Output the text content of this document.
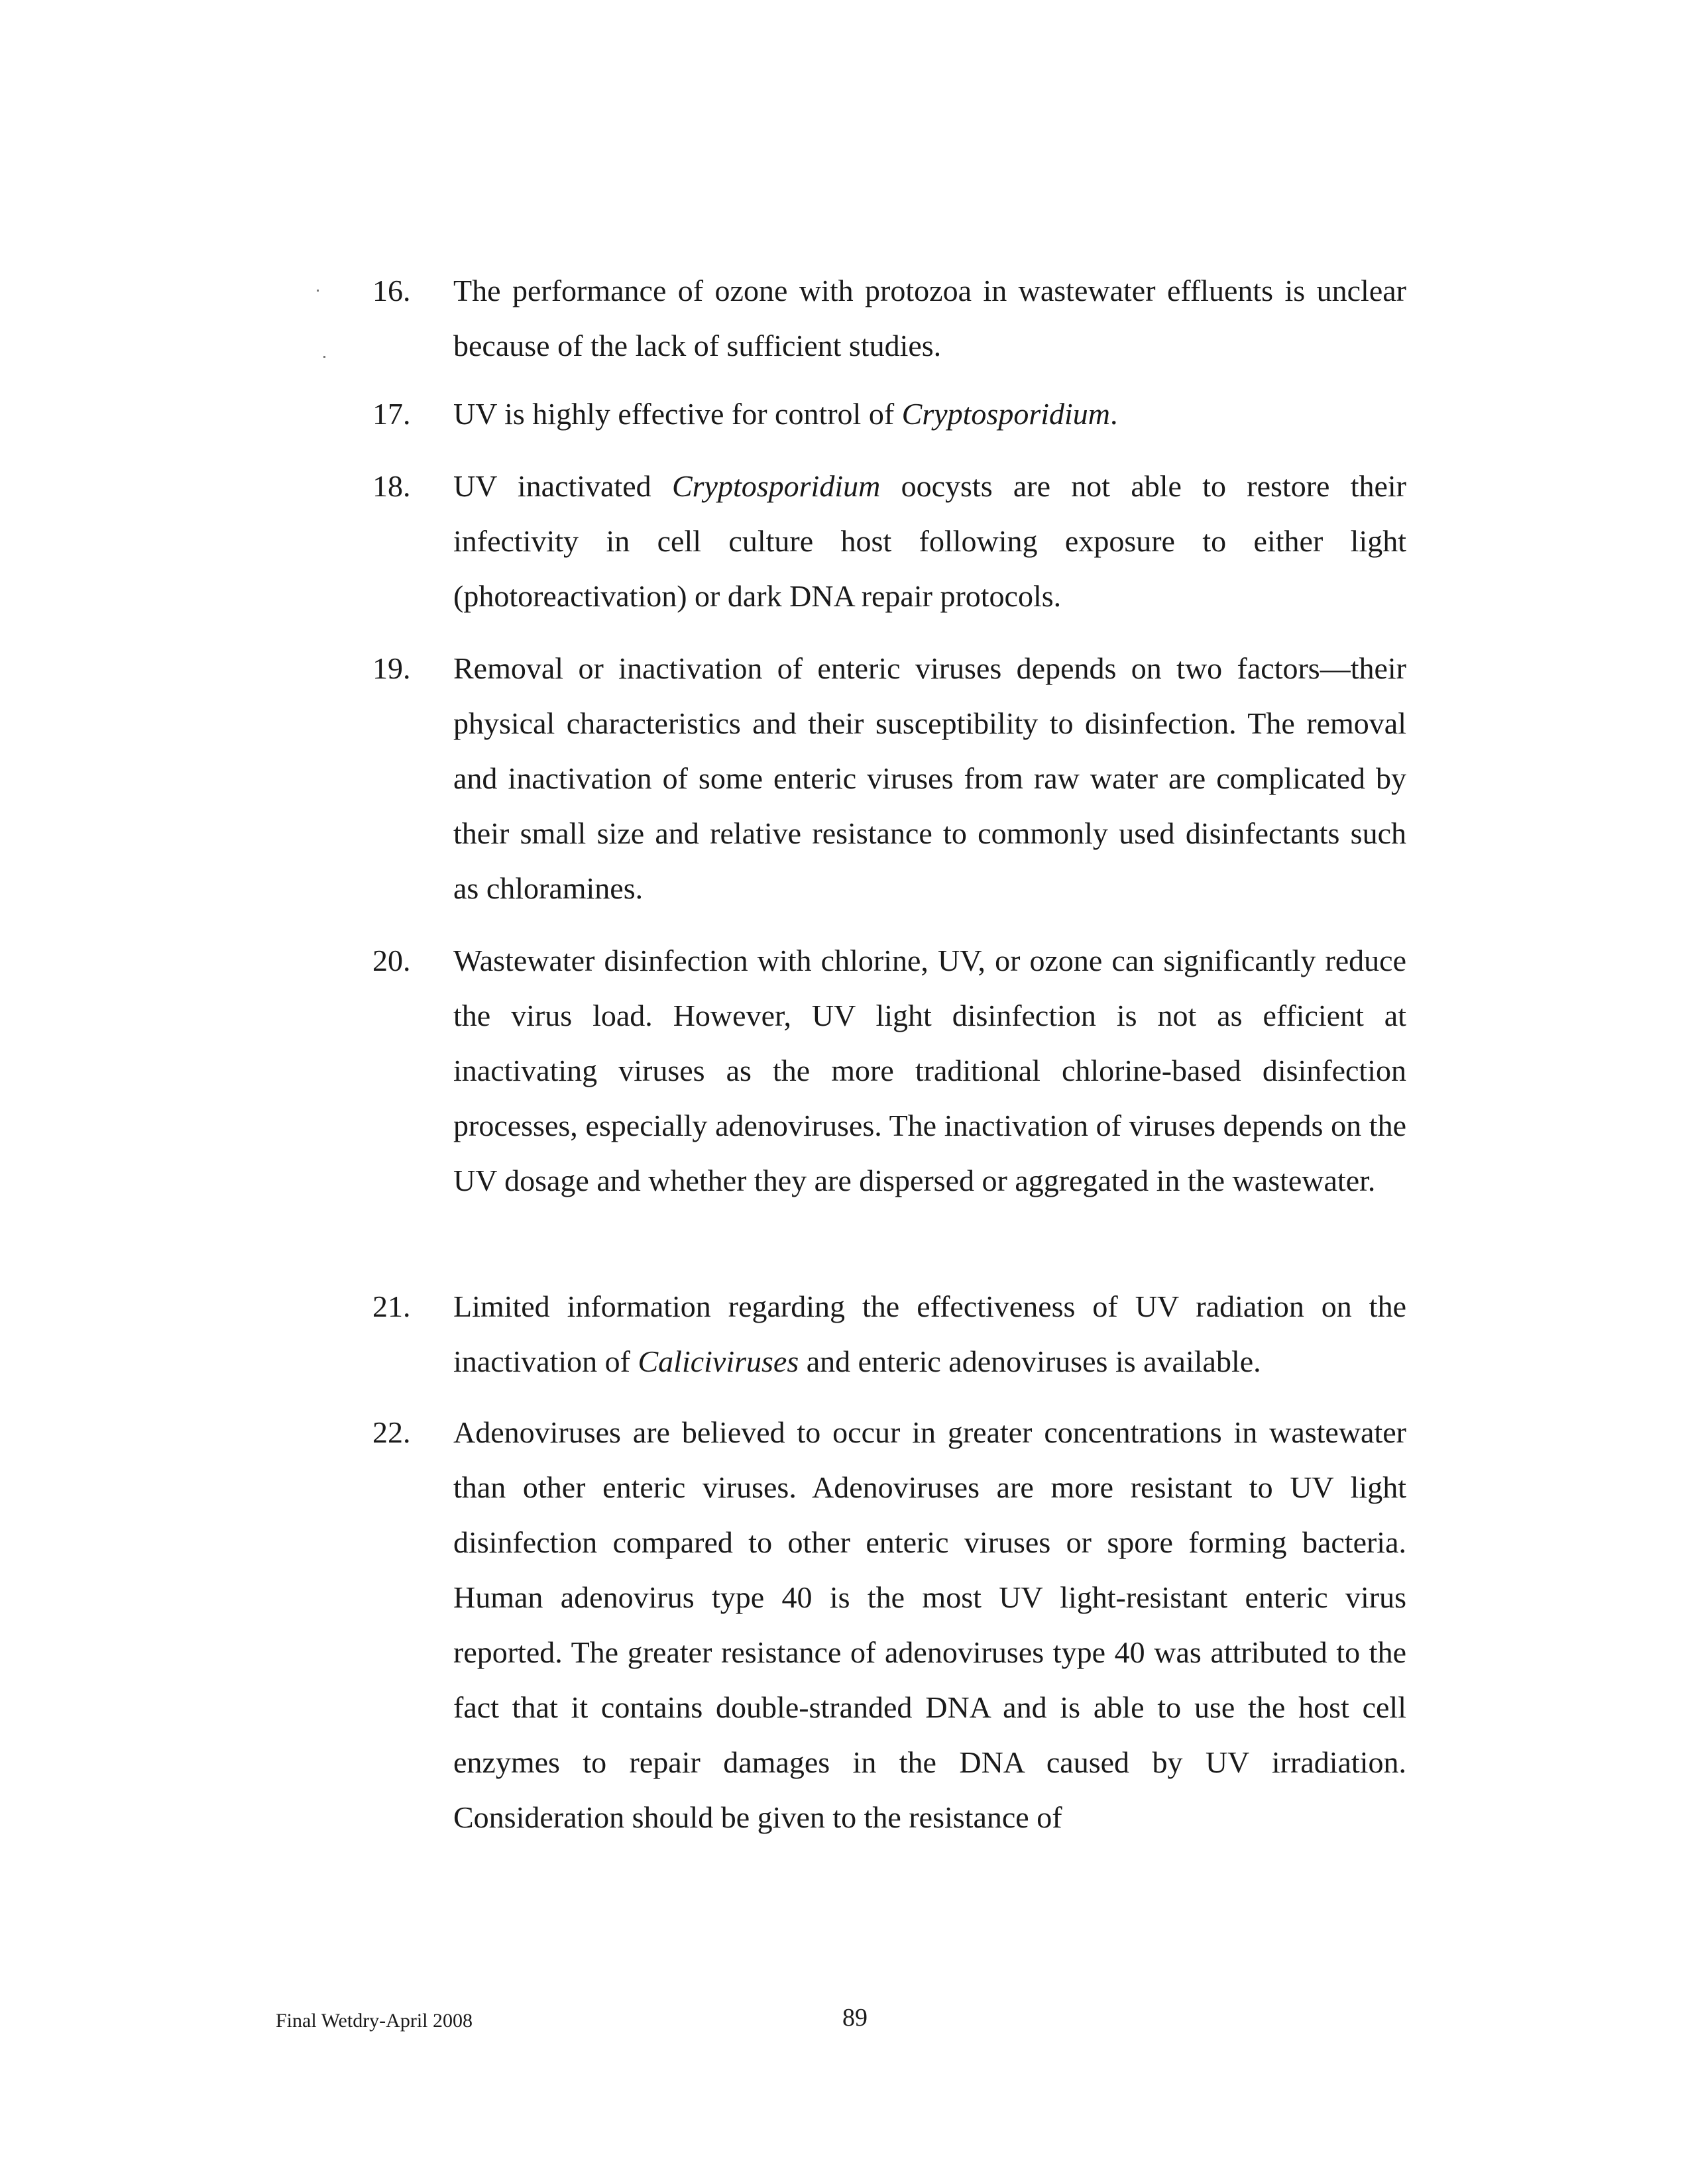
16.	The performance of ozone with protozoa in wastewater effluents is unclear because of the lack of sufficient studies.
17.	UV is highly effective for control of Cryptosporidium.
18.	UV inactivated Cryptosporidium oocysts are not able to restore their infectivity in cell culture host following exposure to either light (photoreactivation) or dark DNA repair protocols.
19.	Removal or inactivation of enteric viruses depends on two factors—their physical characteristics and their susceptibility to disinfection. The removal and inactivation of some enteric viruses from raw water are complicated by their small size and relative resistance to commonly used disinfectants such as chloramines.
20.	Wastewater disinfection with chlorine, UV, or ozone can significantly reduce the virus load. However, UV light disinfection is not as efficient at inactivating viruses as the more traditional chlorine-based disinfection processes, especially adenoviruses. The inactivation of viruses depends on the UV dosage and whether they are dispersed or aggregated in the wastewater.
21.	Limited information regarding the effectiveness of UV radiation on the inactivation of Caliciviruses and enteric adenoviruses is available.
22.	Adenoviruses are believed to occur in greater concentrations in wastewater than other enteric viruses. Adenoviruses are more resistant to UV light disinfection compared to other enteric viruses or spore forming bacteria. Human adenovirus type 40 is the most UV light-resistant enteric virus reported. The greater resistance of adenoviruses type 40 was attributed to the fact that it contains double-stranded DNA and is able to use the host cell enzymes to repair damages in the DNA caused by UV irradiation. Consideration should be given to the resistance of
Final Wetdry-April 2008	89
